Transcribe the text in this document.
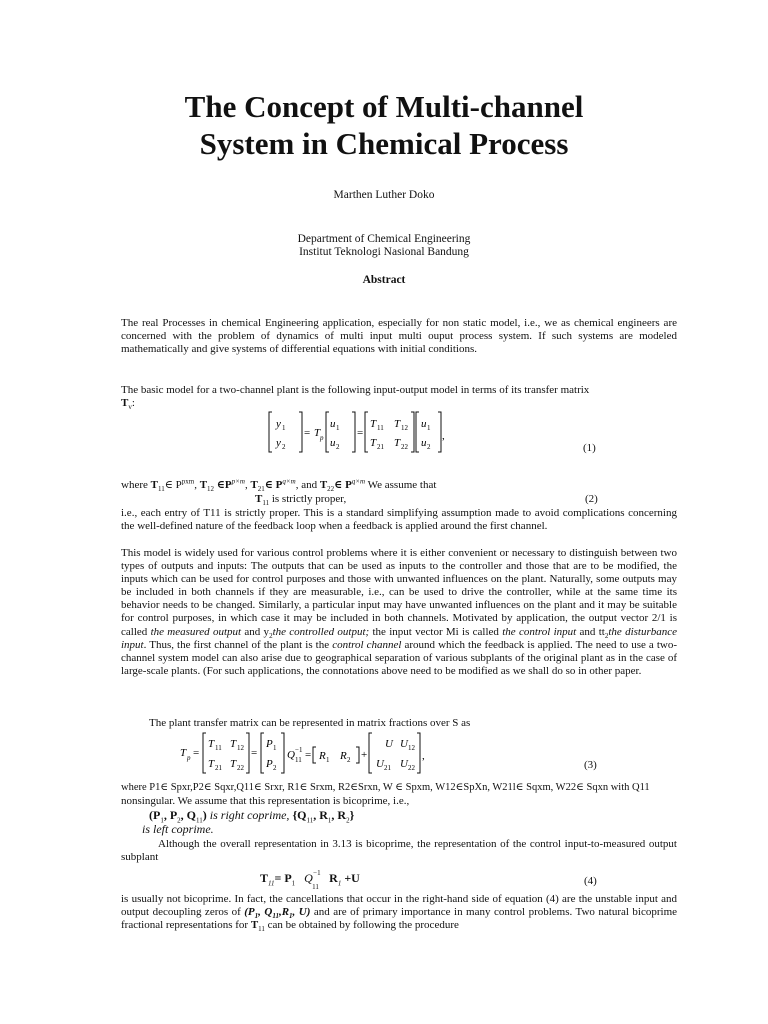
The Concept of Multi-channel
System in Chemical Process
Marthen Luther Doko
Department of Chemical Engineering
Institut Teknologi Nasional Bandung
Abstract
The real Processes in chemical Engineering application, especially for non static model, i.e., we as chemical engineers are concerned with the problem of dynamics of multi input multi ouput process system. If such systems are modeled mathematically and give systems of differential equations with initial conditions.
The basic model for a two-channel plant is the following input-output model in terms of its transfer matrix
$T_v$:
y 1
y 2
= T p
u 1
u 2
=
T 11 T 12
T 21 T 22
u 1
u 2
,
(1)
where $T_{11}\in$ $P^{pxm}$, $T_{12}$ $\in P^{p\times m}$, $T_{21}\in$ $P^{q\times m}$, and $T_{22}\in$ $P^{q\times m}$ We assume that
$T_{11}$ is strictly proper,	(2)
i.e., each entry of T11 is strictly proper. This is a standard simplifying assumption made to avoid complications concerning the well-defined nature of the feedback loop when a feedback is applied around the first channel.
This model is widely used for various control problems where it is either convenient or necessary to distinguish between two types of outputs and inputs: The outputs that can be used as inputs to the controller and those that are to be modified, the inputs which can be used for control purposes and those with unwanted influences on the plant. Naturally, some outputs may be included in both channels if they are measurable, i.e., can be used to drive the controller, while at the same time its behavior needs to be changed. Similarly, a particular input may have unwanted influences on the plant and it may be suitable for control purposes, in which case it may be included in both channels. Motivated by application, the output vector 2/1 is called the measured output and $y_2the$ controlled output; the input vector Mi is called the control input and $tt_2the$ disturbance input. Thus, the first channel of the plant is the control channel around which the feedback is applied. The need to use a two-channel system model can also arise due to geographical separation of various subplants of the original plant as in the case of large-scale plants. (For such applications, the connotations above need to be modified as we shall do so in other paper.
The plant transfer matrix can be represented in matrix fractions over S as
T p =
T 11 T 12
T 21 T 22
=
P 1
P 2
Q −1
11 = R 1 R 2 +
U U 12
U 21 U 22
,
(3)
where P1∈ Spxr,P2∈ Sqxr,Q11∈ Srxr, R1∈ Srxm, R2∈Srxn, W ∈ Spxm, W12∈SpXn, W21l∈ Sqxm, W22∈ Sqxn with Q11
nonsingular. We assume that this representation is bicoprime, i.e.,
($P_1$, $P_2$, $Q_{11}$) is right coprime, {$Q_{11}$, $R_1$, $R_2$}
is left coprime.
Although the overall representation in 3.13 is bicoprime, the representation of the control input-to-measured output subplant
$T_{11}= P_1$ Q −1
11
$R_1 +U$	(4)
is usually not bicoprime. In fact, the cancellations that occur in the right-hand side of equation (4) are the unstable input and output decoupling zeros of ($P_1$, $Q_{11},R_1$, U) and are of primary importance in many control problems. Two natural bicoprime fractional representations for $T_{11}$ can be obtained by following the procedure
